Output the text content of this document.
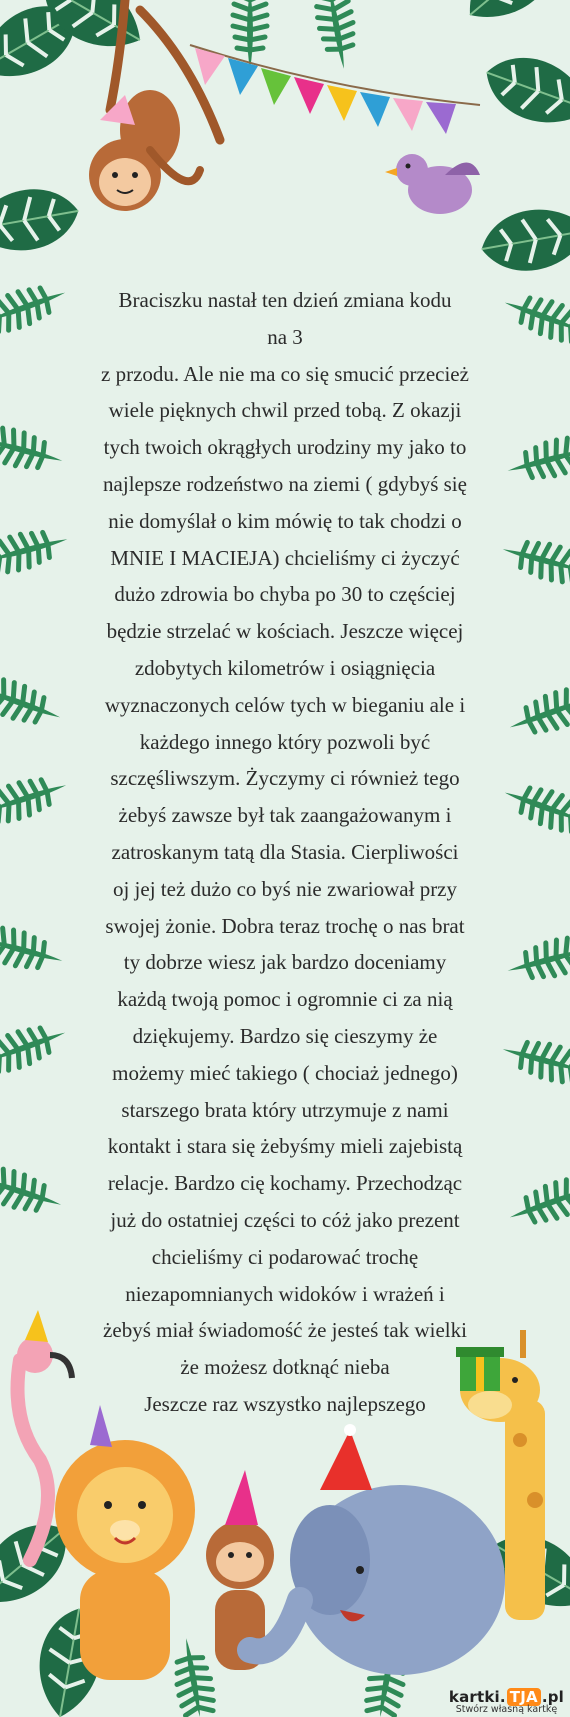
Braciszku nastał ten dzień zmiana kodu
na 3
z przodu. Ale nie ma co się smucić przecież
wiele pięknych chwil przed tobą. Z okazji
tych twoich okrągłych urodziny my jako to
najlepsze rodzeństwo na ziemi ( gdybyś się
nie domyślał o kim mówię to tak chodzi o
MNIE I MACIEJA) chcieliśmy ci życzyć
dużo zdrowia bo chyba po 30 to częściej
będzie strzelać w kościach. Jeszcze więcej
zdobytych kilometrów i osiągnięcia
wyznaczonych celów tych w bieganiu ale i
każdego innego który pozwoli być
szczęśliwszym. Życzymy ci również tego
żebyś zawsze był tak zaangażowanym i
zatroskanym tatą dla Stasia. Cierpliwości
oj jej też dużo co byś nie zwariował przy
swojej żonie. Dobra teraz trochę o nas brat
ty dobrze wiesz jak bardzo doceniamy
każdą twoją pomoc i ogromnie ci za nią
dziękujemy. Bardzo się cieszymy że
możemy mieć takiego ( chociaż jednego)
starszego brata który utrzymuje z nami
kontakt i stara się żebyśmy mieli zajebistą
relacje. Bardzo cię kochamy. Przechodząc
już do ostatniej części to cóż jako prezent
chcieliśmy ci podarować trochę
niezapomnianych widoków i wrażeń i
żebyś miał świadomość że jesteś tak wielki
że możesz dotknąć nieba
Jeszcze raz wszystko najlepszego
kartki. TJA .pl
Stwórz własną kartkę
